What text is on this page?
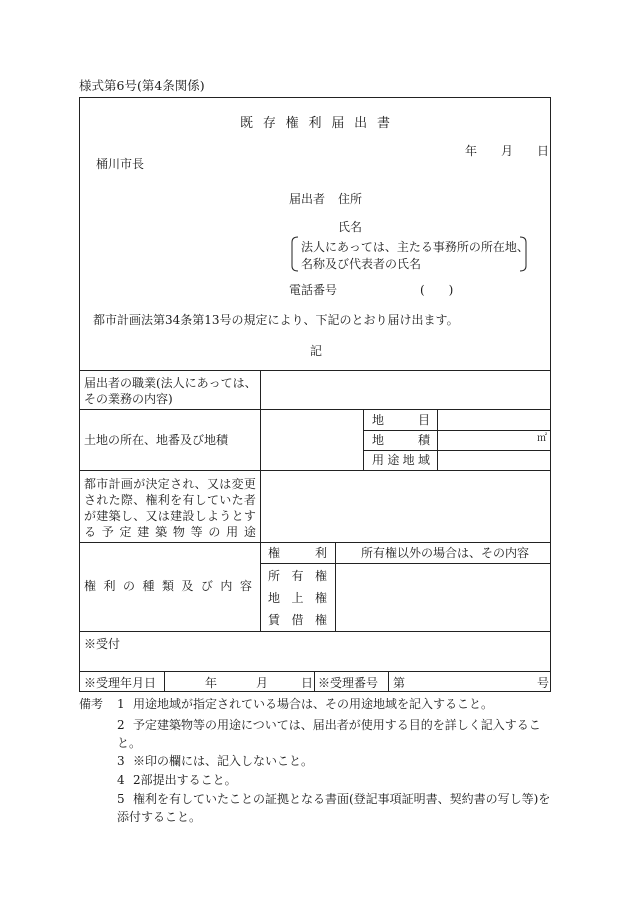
様式第6号(第4条関係)
既 存 権 利 届 出 書
年 月 日
桶川市長
届出者 住所
氏名
法人にあっては、主たる事務所の所在地、
名称及び代表者の氏名
電話番号	(　　)
都市計画法第34条第13号の規定により、下記のとおり届け出ます。
記
届出者の職業(法人にあっては、
その業務の内容)
土地の所在、地番及び地積
地	目
地	積	㎡
用 途 地 域
都 市 計 画 が 決 定 さ れ 、 又 は 変 更
さ れ た 際 、 権 利 を 有 し て い た 者
が 建 築 し 、 又 は 建 設 し よ う と す
る 予 定 建 築 物 等 の 用 途
権 利 の 種 類 及 び 内 容
権	利	所有権以外の場合は、その内容
所 有 権
地 上 権
賃 借 権
※受付
※受理年月日	年	月	日 ※受理番号 第	号
備考 1 用途地域が指定されている場合は、その用途地域を記入すること。
2 予定建築物等の用途については、届出者が使用する目的を詳しく記入するこ
と。
3 ※印の欄には、記入しないこと。
4 2部提出すること。
5 権利を有していたことの証拠となる書面(登記事項証明書、契約書の写し等)を
添付すること。
